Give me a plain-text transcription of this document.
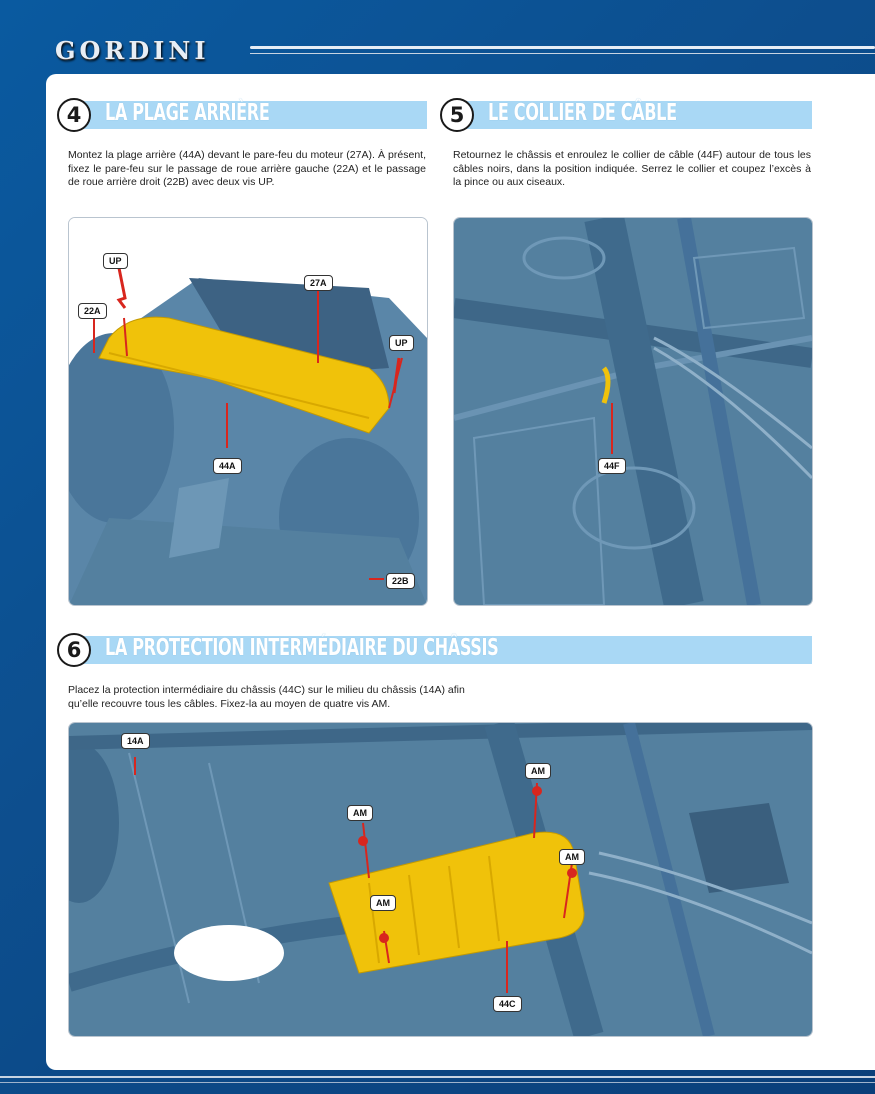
GORDINI
4	LA PLAGE ARRIÈRE
Montez la plage arrière (44A) devant le pare-feu du moteur (27A). À présent, fixez le pare-feu sur le passage de roue arrière gauche (22A) et le passage de roue arrière droit (22B) avec deux vis UP.
UP
27A
22A
UP
44A
22B
5	LE COLLIER DE CÂBLE
Retournez le châssis et enroulez le collier de câble (44F) autour de tous les câbles noirs, dans la position indiquée. Serrez le collier et coupez l’excès à la pince ou aux ciseaux.
44F
6	LA PROTECTION INTERMÉDIAIRE DU CHÂSSIS
Placez la protection intermédiaire du châssis (44C) sur le milieu du châssis (14A) afin qu’elle recouvre tous les câbles. Fixez-la au moyen de quatre vis AM.
14A
AM
AM
AM
AM
44C
